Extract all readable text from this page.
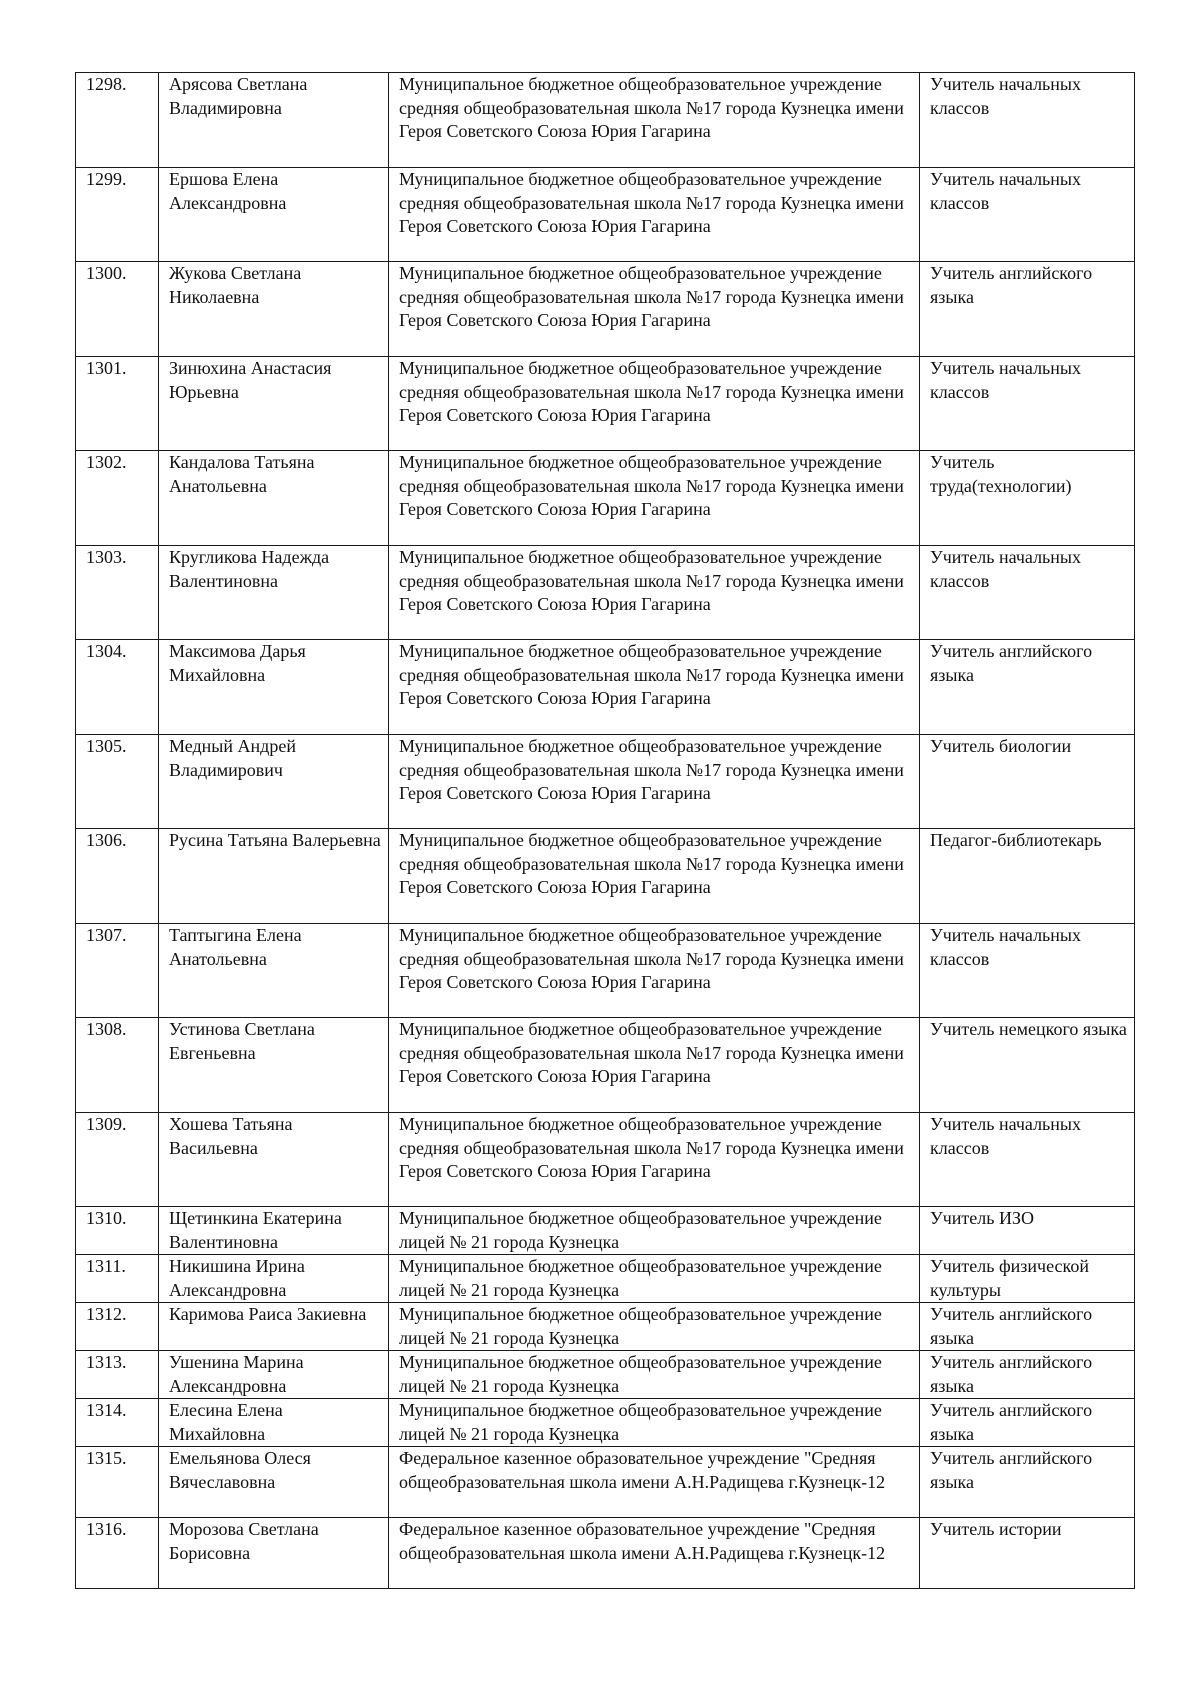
1298.	Арясова Светлана Владимировна	Муниципальное бюджетное общеобразовательное учреждение средняя общеобразовательная школа №17 города Кузнецка имени Героя Советского Союза Юрия Гагарина	Учитель начальных классов
1299.	Ершова Елена Александровна	Муниципальное бюджетное общеобразовательное учреждение средняя общеобразовательная школа №17 города Кузнецка имени Героя Советского Союза Юрия Гагарина	Учитель начальных классов
1300.	Жукова Светлана Николаевна	Муниципальное бюджетное общеобразовательное учреждение средняя общеобразовательная школа №17 города Кузнецка имени Героя Советского Союза Юрия Гагарина	Учитель английского языка
1301.	Зинюхина Анастасия Юрьевна	Муниципальное бюджетное общеобразовательное учреждение средняя общеобразовательная школа №17 города Кузнецка имени Героя Советского Союза Юрия Гагарина	Учитель начальных классов
1302.	Кандалова Татьяна Анатольевна	Муниципальное бюджетное общеобразовательное учреждение средняя общеобразовательная школа №17 города Кузнецка имени Героя Советского Союза Юрия Гагарина	Учитель труда(технологии)
1303.	Кругликова Надежда Валентиновна	Муниципальное бюджетное общеобразовательное учреждение средняя общеобразовательная школа №17 города Кузнецка имени Героя Советского Союза Юрия Гагарина	Учитель начальных классов
1304.	Максимова Дарья Михайловна	Муниципальное бюджетное общеобразовательное учреждение средняя общеобразовательная школа №17 города Кузнецка имени Героя Советского Союза Юрия Гагарина	Учитель английского языка
1305.	Медный Андрей Владимирович	Муниципальное бюджетное общеобразовательное учреждение средняя общеобразовательная школа №17 города Кузнецка имени Героя Советского Союза Юрия Гагарина	Учитель биологии
1306.	Русина Татьяна Валерьевна	Муниципальное бюджетное общеобразовательное учреждение средняя общеобразовательная школа №17 города Кузнецка имени Героя Советского Союза Юрия Гагарина	Педагог-библиотекарь
1307.	Таптыгина Елена Анатольевна	Муниципальное бюджетное общеобразовательное учреждение средняя общеобразовательная школа №17 города Кузнецка имени Героя Советского Союза Юрия Гагарина	Учитель начальных классов
1308.	Устинова Светлана Евгеньевна	Муниципальное бюджетное общеобразовательное учреждение средняя общеобразовательная школа №17 города Кузнецка имени Героя Советского Союза Юрия Гагарина	Учитель немецкого языка
1309.	Хошева Татьяна Васильевна	Муниципальное бюджетное общеобразовательное учреждение средняя общеобразовательная школа №17 города Кузнецка имени Героя Советского Союза Юрия Гагарина	Учитель начальных классов
1310.	Щетинкина Екатерина Валентиновна	Муниципальное бюджетное общеобразовательное учреждение лицей № 21 города Кузнецка	Учитель ИЗО
1311.	Никишина Ирина Александровна	Муниципальное бюджетное общеобразовательное учреждение лицей № 21 города Кузнецка	Учитель физической культуры
1312.	Каримова Раиса Закиевна	Муниципальное бюджетное общеобразовательное учреждение лицей № 21 города Кузнецка	Учитель английского языка
1313.	Ушенина Марина Александровна	Муниципальное бюджетное общеобразовательное учреждение лицей № 21 города Кузнецка	Учитель английского языка
1314.	Елесина Елена Михайловна	Муниципальное бюджетное общеобразовательное учреждение лицей № 21 города Кузнецка	Учитель английского языка
1315.	Емельянова Олеся Вячеславовна	Федеральное казенное образовательное учреждение "Средняя общеобразовательная школа имени А.Н.Радищева г.Кузнецк-12	Учитель английского языка
1316.	Морозова Светлана Борисовна	Федеральное казенное образовательное учреждение "Средняя общеобразовательная школа имени А.Н.Радищева г.Кузнецк-12	Учитель истории
